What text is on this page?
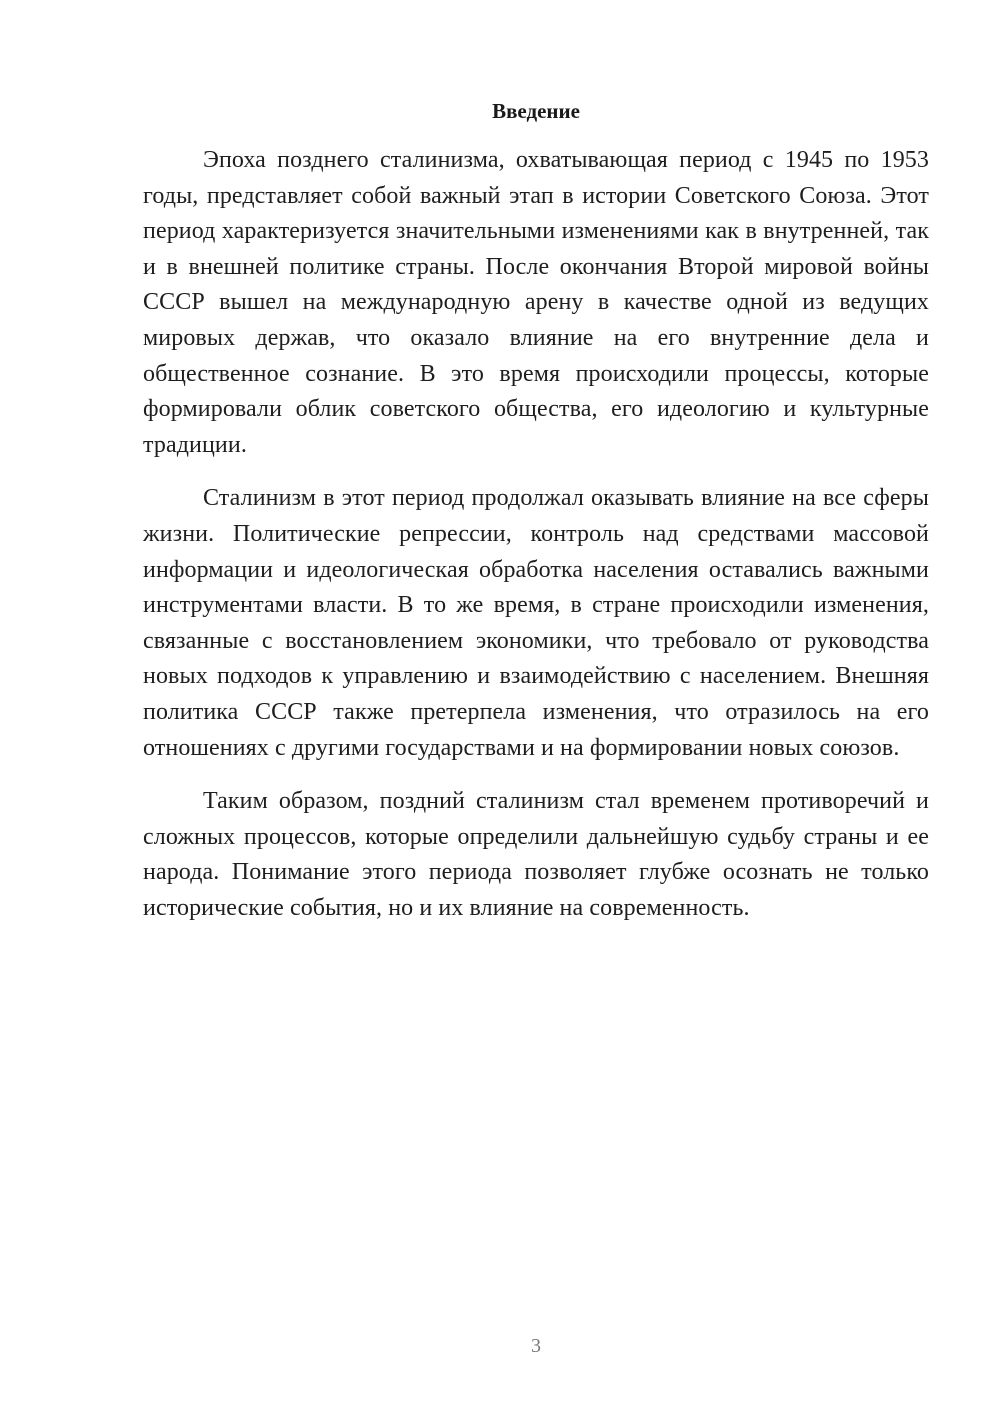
Введение

Эпоха позднего сталинизма, охватывающая период с 1945 по 1953 годы, представляет собой важный этап в истории Советского Союза. Этот период характеризуется значительными изменениями как в внутренней, так и в внешней политике страны. После окончания Второй мировой войны СССР вышел на международную арену в качестве одной из ведущих мировых держав, что оказало влияние на его внутренние дела и общественное сознание. В это время происходили процессы, которые формировали облик советского общества, его идеологию и культурные традиции.

Сталинизм в этот период продолжал оказывать влияние на все сферы жизни. Политические репрессии, контроль над средствами массовой информации и идеологическая обработка населения оставались важными инструментами власти. В то же время, в стране происходили изменения, связанные с восстановлением экономики, что требовало от руководства новых подходов к управлению и взаимодействию с населением. Внешняя политика СССР также претерпела изменения, что отразилось на его отношениях с другими государствами и на формировании новых союзов.

Таким образом, поздний сталинизм стал временем противоречий и сложных процессов, которые определили дальнейшую судьбу страны и ее народа. Понимание этого периода позволяет глубже осознать не только исторические события, но и их влияние на современность.

3
